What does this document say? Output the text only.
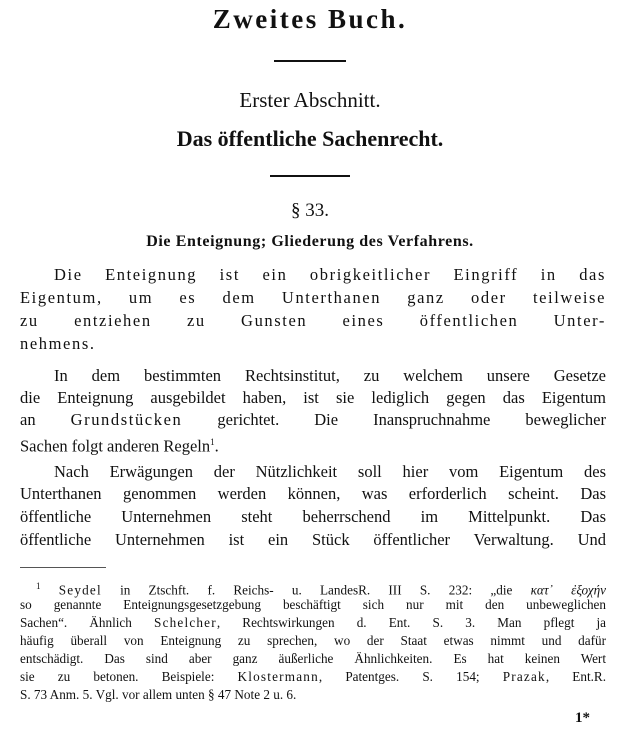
Zweites Buch.
Erster Abschnitt.
Das öffentliche Sachenrecht.
§ 33.
Die Enteignung; Gliederung des Verfahrens.
Die Enteignung ist ein obrigkeitlicher Eingriff in das
Eigentum, um es dem Unterthanen ganz oder teilweise
zu entziehen zu Gunsten eines öffentlichen Unter-
nehmens.
In dem bestimmten Rechtsinstitut, zu welchem unsere Gesetze
die Enteignung ausgebildet haben, ist sie lediglich gegen das Eigentum
an Grundstücken gerichtet. Die Inanspruchnahme beweglicher
Sachen folgt anderen Regeln$^1$.
Nach Erwägungen der Nützlichkeit soll hier vom Eigentum des
Unterthanen genommen werden können, was erforderlich scheint. Das
öffentliche Unternehmen steht beherrschend im Mittelpunkt. Das
öffentliche Unternehmen ist ein Stück öffentlicher Verwaltung. Und
$^1$ Seydel in Ztschft. f. Reichs- u. LandesR. III S. 232: „die κατ᾽ ἐξοχήν
so genannte Enteignungsgesetzgebung beschäftigt sich nur mit den unbeweglichen
Sachen“. Ähnlich Schelcher, Rechtswirkungen d. Ent. S. 3. Man pflegt ja
häufig überall von Enteignung zu sprechen, wo der Staat etwas nimmt und dafür
entschädigt. Das sind aber ganz äußerliche Ähnlichkeiten. Es hat keinen Wert
sie zu betonen. Beispiele: Klostermann, Patentges. S. 154; Prazak, Ent.R.
S. 73 Anm. 5. Vgl. vor allem unten § 47 Note 2 u. 6.
1*
